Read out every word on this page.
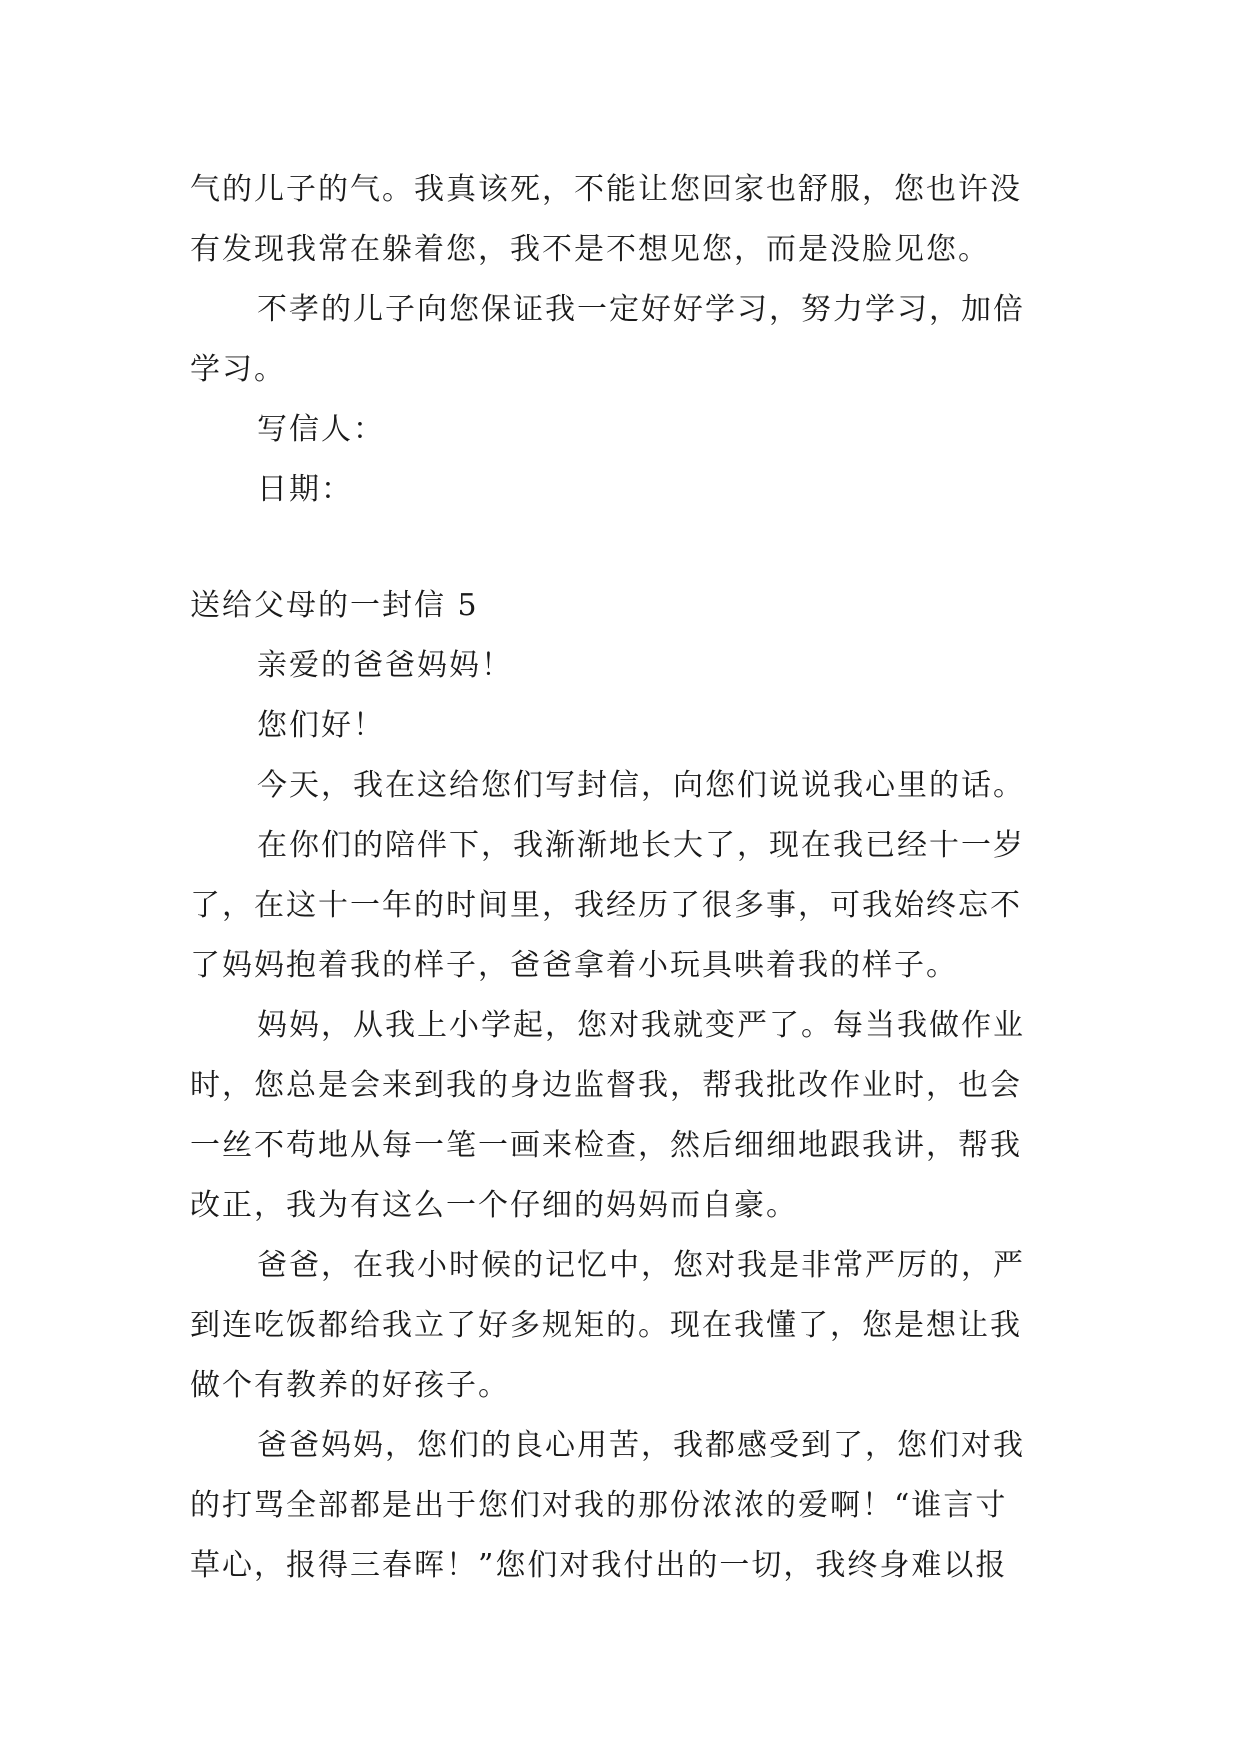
气的儿子的气。我真该死，不能让您回家也舒服，您也许没
有发现我常在躲着您，我不是不想见您，而是没脸见您。
不孝的儿子向您保证我一定好好学习，努力学习，加倍
学习。
写信人：
日期：
送给父母的一封信 5
亲爱的爸爸妈妈！
您们好！
今天，我在这给您们写封信，向您们说说我心里的话。
在你们的陪伴下，我渐渐地长大了，现在我已经十一岁
了，在这十一年的时间里，我经历了很多事，可我始终忘不
了妈妈抱着我的样子，爸爸拿着小玩具哄着我的样子。
妈妈，从我上小学起，您对我就变严了。每当我做作业
时，您总是会来到我的身边监督我，帮我批改作业时，也会
一丝不苟地从每一笔一画来检查，然后细细地跟我讲，帮我
改正，我为有这么一个仔细的妈妈而自豪。
爸爸，在我小时候的记忆中，您对我是非常严厉的，严
到连吃饭都给我立了好多规矩的。现在我懂了，您是想让我
做个有教养的好孩子。
爸爸妈妈，您们的良心用苦，我都感受到了，您们对我
的打骂全部都是出于您们对我的那份浓浓的爱啊！“谁言寸
草心，报得三春晖！”您们对我付出的一切，我终身难以报
